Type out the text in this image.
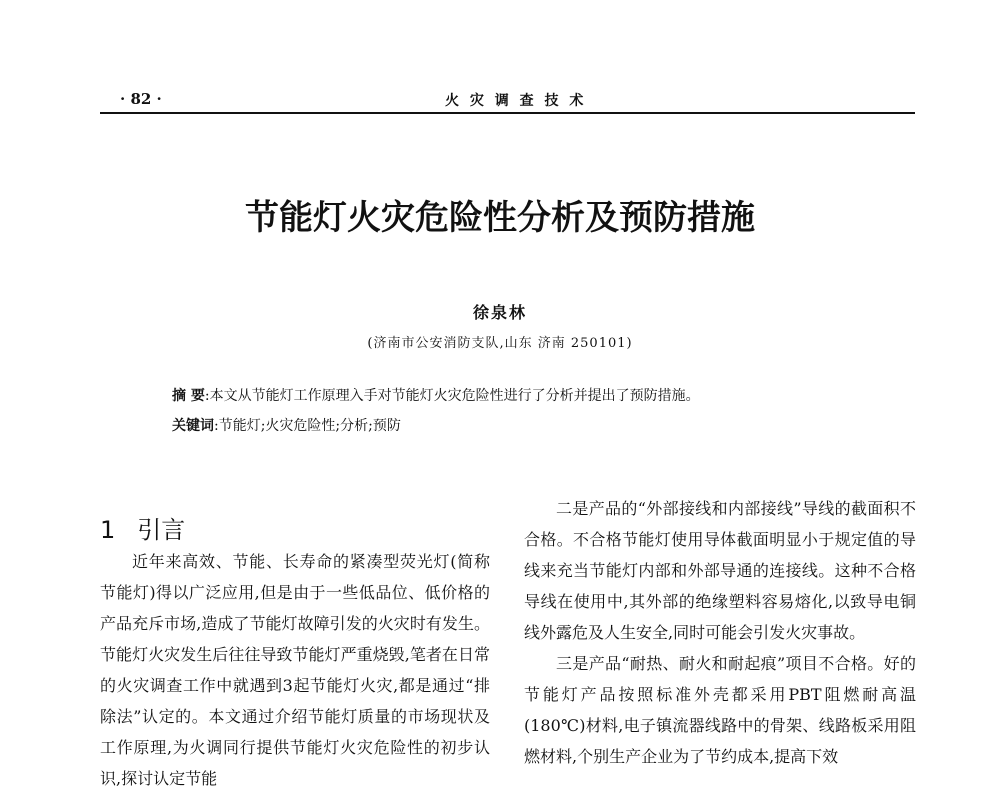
· 82 ·	火 灾 调 查 技 术
节能灯火灾危险性分析及预防措施
徐泉林
(济南市公安消防支队,山东 济南 250101)
摘 要:本文从节能灯工作原理入手对节能灯火灾危险性进行了分析并提出了预防措施。
关键词:节能灯;火灾危险性;分析;预防
1 引言

近年来高效、节能、长寿命的紧凑型荧光灯(简称节能灯)得以广泛应用,但是由于一些低品位、低价格的产品充斥市场,造成了节能灯故障引发的火灾时有发生。节能灯火灾发生后往往导致节能灯严重烧毁,笔者在日常的火灾调查工作中就遇到3起节能灯火灾,都是通过“排除法”认定的。本文通过介绍节能灯质量的市场现状及工作原理,为火调同行提供节能灯火灾危险性的初步认识,探讨认定节能

二是产品的“外部接线和内部接线”导线的截面积不合格。不合格节能灯使用导体截面明显小于规定值的导线来充当节能灯内部和外部导通的连接线。这种不合格导线在使用中,其外部的绝缘塑料容易熔化,以致导电铜线外露危及人生安全,同时可能会引发火灾事故。

三是产品“耐热、耐火和耐起痕”项目不合格。好的节能灯产品按照标准外壳都采用PBT阻燃耐高温(180℃)材料,电子镇流器线路中的骨架、线路板采用阻燃材料,个别生产企业为了节约成本,提高下效
